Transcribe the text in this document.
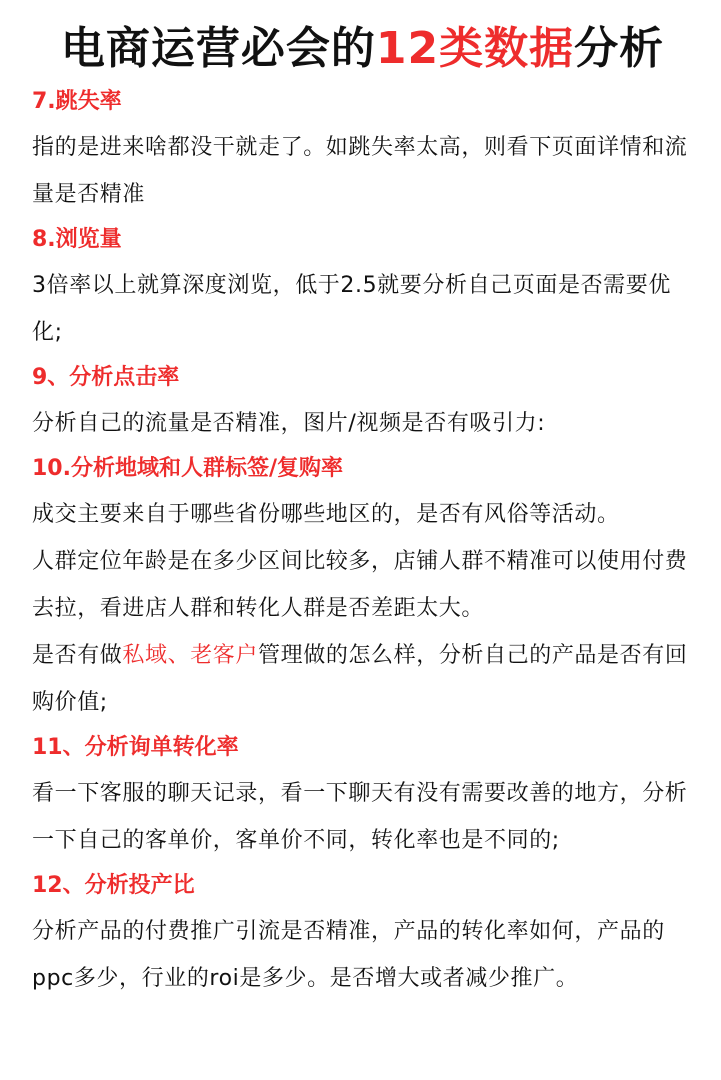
电商运营必会的12类数据分析

7.跳失率

指的是进来啥都没干就走了。如跳失率太高，则看下页面详情和流量是否精准

8.浏览量

3倍率以上就算深度浏览，低于2.5就要分析自己页面是否需要优化;

9、分析点击率

分析自己的流量是否精准，图片/视频是否有吸引力:

10.分析地域和人群标签/复购率

成交主要来自于哪些省份哪些地区的，是否有风俗等活动。

人群定位年龄是在多少区间比较多，店铺人群不精准可以使用付费去拉，看进店人群和转化人群是否差距太大。

是否有做私域、老客户管理做的怎么样，分析自己的产品是否有回购价值;

11、分析询单转化率

看一下客服的聊天记录，看一下聊天有没有需要改善的地方，分析一下自己的客单价，客单价不同，转化率也是不同的;

12、分析投产比

分析产品的付费推广引流是否精准，产品的转化率如何，产品的ppc多少，行业的roi是多少。是否增大或者减少推广。
